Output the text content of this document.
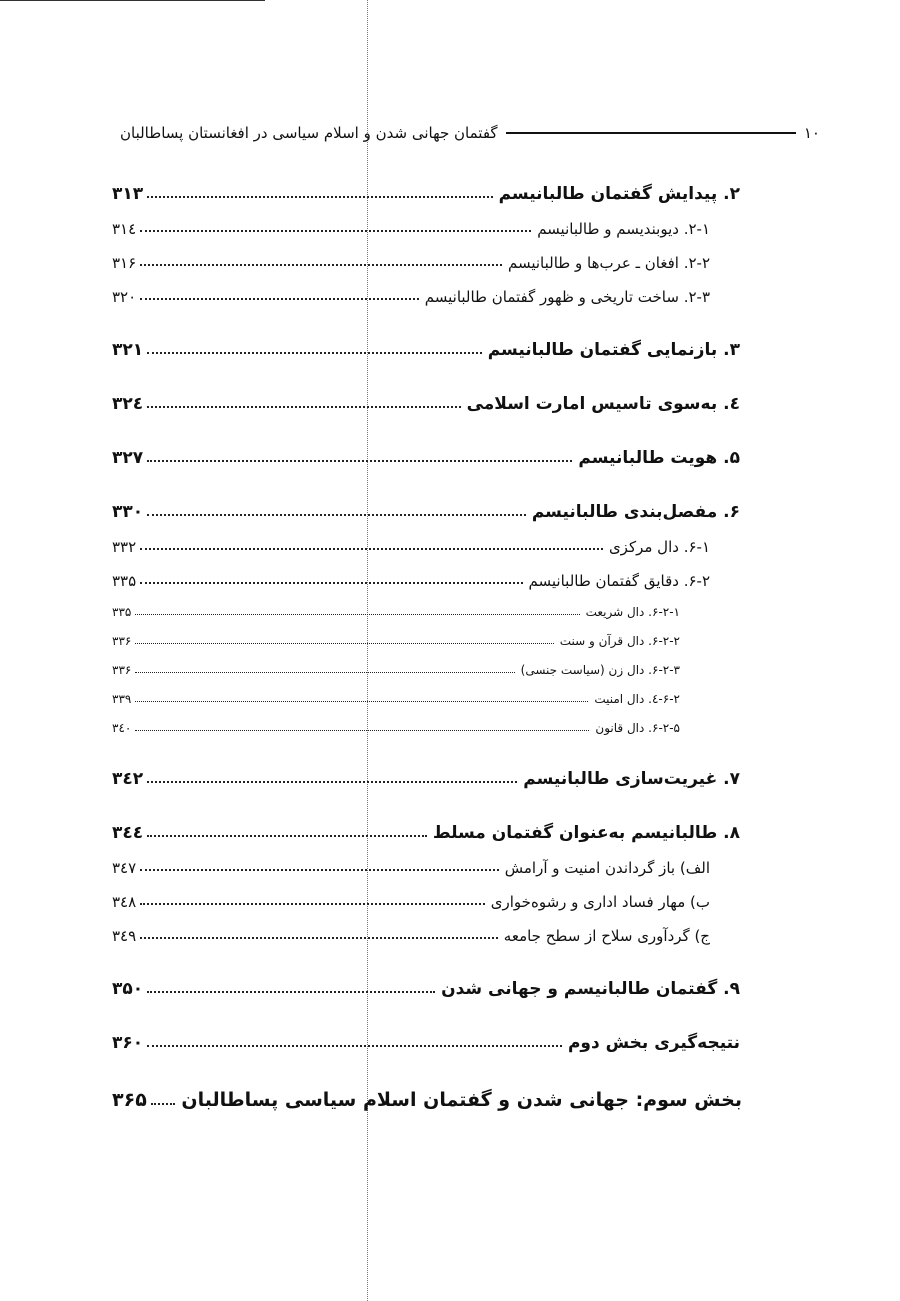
گفتمان جهانی شدن و اسلام سیاسی در افغانستان پساطالبان	۱۰
۲. پیدایش گفتمان طالبانیسم
۳۱۳
۲-۱. دیوبندیسم و طالبانیسم
۳۱٤
۲-۲. افغان ـ عرب‌ها و طالبانیسم
۳۱۶
۲-۳. ساخت تاریخی و ظهور گفتمان طالبانیسم
۳۲۰
۳. بازنمایی گفتمان طالبانیسم
۳۲۱
٤. به‌سوی تاسیس امارت اسلامی
۳۲٤
۵. هویت طالبانیسم
۳۲۷
۶. مفصل‌بندی طالبانیسم
۳۳۰
۶-۱. دال مرکزی
۳۳۲
۶-۲. دقایق گفتمان طالبانیسم
۳۳۵
۶-۲-۱. دال شریعت
۳۳۵
۶-۲-۲. دال قرآن و سنت
۳۳۶
۶-۲-۳. دال زن (سیاست جنسی)
۳۳۶
۶-۲-٤. دال امنیت
۳۳۹
۶-۲-۵. دال قانون
۳٤۰
۷. غیریت‌سازی طالبانیسم
۳٤۲
۸. طالبانیسم به‌عنوان گفتمان مسلط
۳٤٤
الف) باز گرداندن امنیت و آرامش
۳٤۷
ب) مهار فساد اداری و رشوه‌خواری
۳٤۸
ج) گردآوری سلاح از سطح جامعه
۳٤۹
۹. گفتمان طالبانیسم و جهانی شدن
۳۵۰
نتیجه‌گیری بخش دوم
۳۶۰
بخش سوم: جهانی شدن و گفتمان اسلام سیاسی پساطالبان
۳۶۵
